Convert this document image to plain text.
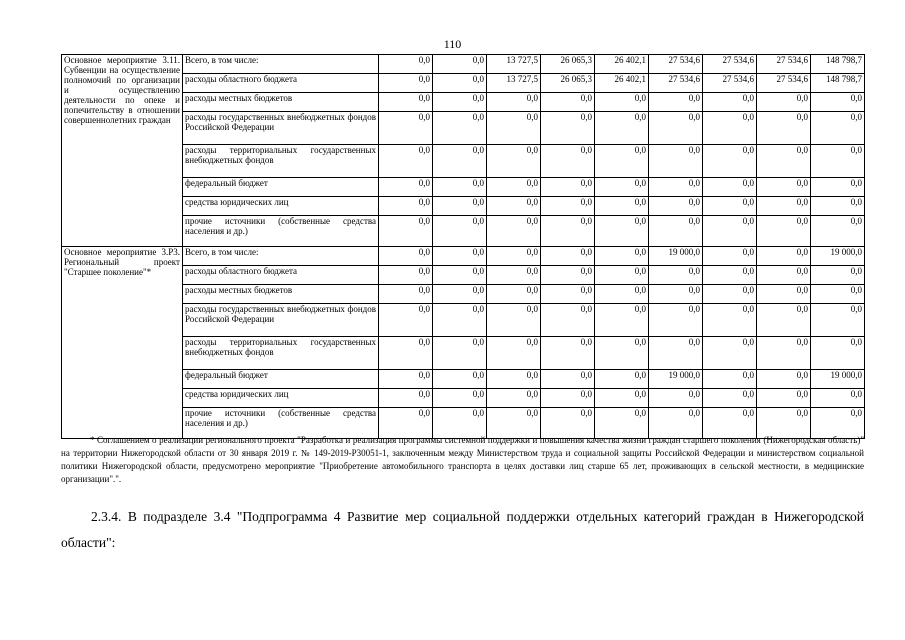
110
Основное мероприятие 3.11. Субвенции на осуществление полномочий по организации и осуществлению деятельности по опеке и попечительству в отношении совершеннолетних граждан	Всего, в том числе:	0,0	0,0	13 727,5	26 065,3	26 402,1	27 534,6	27 534,6	27 534,6	148 798,7
	расходы областного бюджета	0,0	0,0	13 727,5	26 065,3	26 402,1	27 534,6	27 534,6	27 534,6	148 798,7
	расходы местных бюджетов	0,0	0,0	0,0	0,0	0,0	0,0	0,0	0,0	0,0
	расходы государственных внебюджетных фондов Российской Федерации	0,0	0,0	0,0	0,0	0,0	0,0	0,0	0,0	0,0
	расходы территориальных государственных внебюджетных фондов	0,0	0,0	0,0	0,0	0,0	0,0	0,0	0,0	0,0
	федеральный бюджет	0,0	0,0	0,0	0,0	0,0	0,0	0,0	0,0	0,0
	средства юридических лиц	0,0	0,0	0,0	0,0	0,0	0,0	0,0	0,0	0,0
	прочие источники (собственные средства населения и др.)	0,0	0,0	0,0	0,0	0,0	0,0	0,0	0,0	0,0
Основное мероприятие 3.P3. Региональный проект "Старшее поколение"*	Всего, в том числе:	0,0	0,0	0,0	0,0	0,0	19 000,0	0,0	0,0	19 000,0
	расходы областного бюджета	0,0	0,0	0,0	0,0	0,0	0,0	0,0	0,0	0,0
	расходы местных бюджетов	0,0	0,0	0,0	0,0	0,0	0,0	0,0	0,0	0,0
	расходы государственных внебюджетных фондов Российской Федерации	0,0	0,0	0,0	0,0	0,0	0,0	0,0	0,0	0,0
	расходы территориальных государственных внебюджетных фондов	0,0	0,0	0,0	0,0	0,0	0,0	0,0	0,0	0,0
	федеральный бюджет	0,0	0,0	0,0	0,0	0,0	19 000,0	0,0	0,0	19 000,0
	средства юридических лиц	0,0	0,0	0,0	0,0	0,0	0,0	0,0	0,0	0,0
	прочие источники (собственные средства населения и др.)	0,0	0,0	0,0	0,0	0,0	0,0	0,0	0,0	0,0

* Соглашением о реализации регионального проекта "Разработка и реализация программы системной поддержки и повышения качества жизни граждан старшего поколения (Нижегородская область)" на территории Нижегородской области от 30 января 2019 г. № 149-2019-P30051-1, заключенным между Министерством труда и социальной защиты Российской Федерации и министерством социальной политики Нижегородской области, предусмотрено мероприятие "Приобретение автомобильного транспорта в целях доставки лиц старше 65 лет, проживающих в сельской местности, в медицинские организации".".

2.3.4. В подразделе 3.4 "Подпрограмма 4 Развитие мер социальной поддержки отдельных категорий граждан в Нижегородской области":
